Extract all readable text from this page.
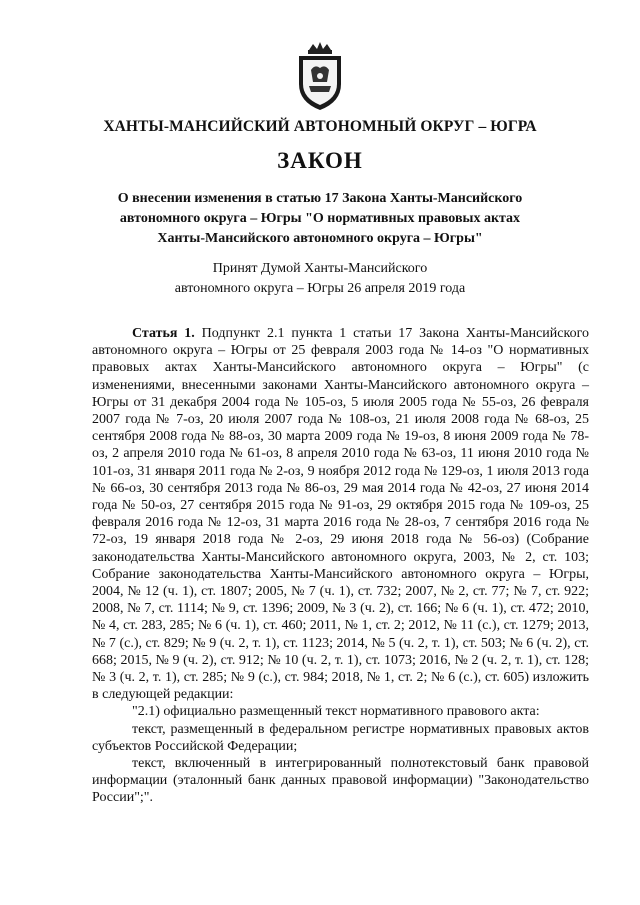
ХАНТЫ-МАНСИЙСКИЙ АВТОНОМНЫЙ ОКРУГ – ЮГРА
ЗАКОН
О внесении изменения в статью 17 Закона Ханты-Мансийского
автономного округа – Югры "О нормативных правовых актах
Ханты-Мансийского автономного округа – Югры"
Принят Думой Ханты-Мансийского
автономного округа – Югры 26 апреля 2019 года

Статья 1. Подпункт 2.1 пункта 1 статьи 17 Закона Ханты-Мансийского автономного округа – Югры от 25 февраля 2003 года № 14-оз "О нормативных правовых актах Ханты-Мансийского автономного округа – Югры" (с изменениями, внесенными законами Ханты-Мансийского автономного округа – Югры от 31 декабря 2004 года № 105-оз, 5 июля 2005 года № 55-оз, 26 февраля 2007 года № 7-оз, 20 июля 2007 года № 108-оз, 21 июля 2008 года № 68-оз, 25 сентября 2008 года № 88-оз, 30 марта 2009 года № 19-оз, 8 июня 2009 года № 78-оз, 2 апреля 2010 года № 61-оз, 8 апреля 2010 года № 63-оз, 11 июня 2010 года № 101-оз, 31 января 2011 года № 2-оз, 9 ноября 2012 года № 129-оз, 1 июля 2013 года № 66-оз, 30 сентября 2013 года № 86-оз, 29 мая 2014 года № 42-оз, 27 июня 2014 года № 50-оз, 27 сентября 2015 года № 91-оз, 29 октября 2015 года № 109-оз, 25 февраля 2016 года № 12-оз, 31 марта 2016 года № 28-оз, 7 сентября 2016 года № 72-оз, 19 января 2018 года № 2-оз, 29 июня 2018 года № 56-оз) (Собрание законодательства Ханты-Мансийского автономного округа, 2003, № 2, ст. 103; Собрание законодательства Ханты-Мансийского автономного округа – Югры, 2004, № 12 (ч. 1), ст. 1807; 2005, № 7 (ч. 1), ст. 732; 2007, № 2, ст. 77; № 7, ст. 922; 2008, № 7, ст. 1114; № 9, ст. 1396; 2009, № 3 (ч. 2), ст. 166; № 6 (ч. 1), ст. 472; 2010, № 4, ст. 283, 285; № 6 (ч. 1), ст. 460; 2011, № 1, ст. 2; 2012, № 11 (с.), ст. 1279; 2013, № 7 (с.), ст. 829; № 9 (ч. 2, т. 1), ст. 1123; 2014, № 5 (ч. 2, т. 1), ст. 503; № 6 (ч. 2), ст. 668; 2015, № 9 (ч. 2), ст. 912; № 10 (ч. 2, т. 1), ст. 1073; 2016, № 2 (ч. 2, т. 1), ст. 128; № 3 (ч. 2, т. 1), ст. 285; № 9 (с.), ст. 984; 2018, № 1, ст. 2; № 6 (с.), ст. 605) изложить в следующей редакции:

"2.1) официально размещенный текст нормативного правового акта:

текст, размещенный в федеральном регистре нормативных правовых актов субъектов Российской Федерации;

текст, включенный в интегрированный полнотекстовый банк правовой информации (эталонный банк данных правовой информации) "Законодательство России";".
